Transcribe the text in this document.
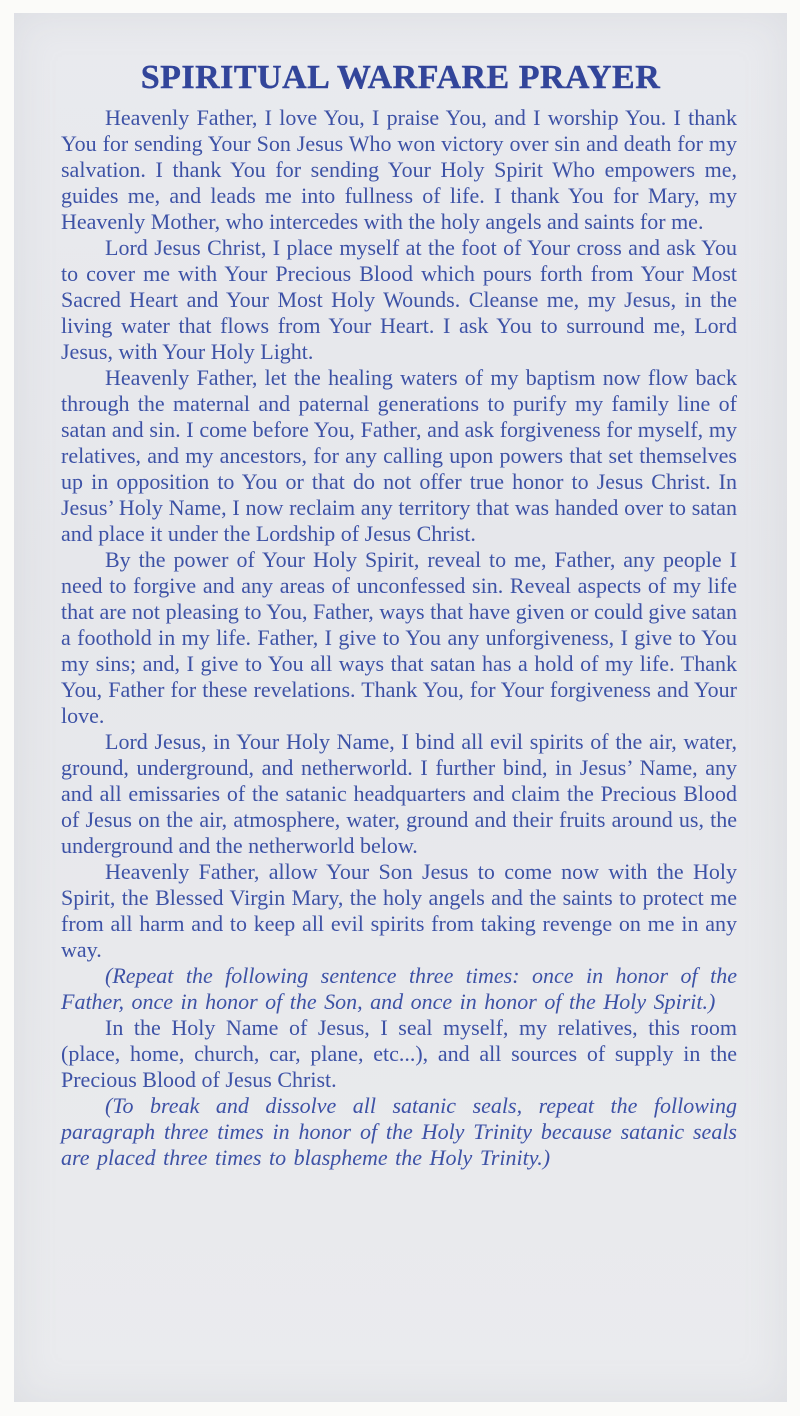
SPIRITUAL WARFARE PRAYER

Heavenly Father, I love You, I praise You, and I worship You. I thank You for sending Your Son Jesus Who won victory over sin and death for my salvation. I thank You for sending Your Holy Spirit Who empowers me, guides me, and leads me into fullness of life. I thank You for Mary, my Heavenly Mother, who intercedes with the holy angels and saints for me.

Lord Jesus Christ, I place myself at the foot of Your cross and ask You to cover me with Your Precious Blood which pours forth from Your Most Sacred Heart and Your Most Holy Wounds. Cleanse me, my Jesus, in the living water that flows from Your Heart. I ask You to surround me, Lord Jesus, with Your Holy Light.

Heavenly Father, let the healing waters of my baptism now flow back through the maternal and paternal generations to purify my family line of satan and sin. I come before You, Father, and ask forgiveness for myself, my relatives, and my ancestors, for any calling upon powers that set themselves up in opposition to You or that do not offer true honor to Jesus Christ. In Jesus’ Holy Name, I now reclaim any territory that was handed over to satan and place it under the Lordship of Jesus Christ.

By the power of Your Holy Spirit, reveal to me, Father, any people I need to forgive and any areas of unconfessed sin. Reveal aspects of my life that are not pleasing to You, Father, ways that have given or could give satan a foothold in my life. Father, I give to You any unforgiveness, I give to You my sins; and, I give to You all ways that satan has a hold of my life. Thank You, Father for these revelations. Thank You, for Your forgiveness and Your love.

Lord Jesus, in Your Holy Name, I bind all evil spirits of the air, water, ground, underground, and netherworld. I further bind, in Jesus’ Name, any and all emissaries of the satanic headquarters and claim the Precious Blood of Jesus on the air, atmosphere, water, ground and their fruits around us, the underground and the netherworld below.

Heavenly Father, allow Your Son Jesus to come now with the Holy Spirit, the Blessed Virgin Mary, the holy angels and the saints to protect me from all harm and to keep all evil spirits from taking revenge on me in any way.

(Repeat the following sentence three times: once in honor of the Father, once in honor of the Son, and once in honor of the Holy Spirit.)

In the Holy Name of Jesus, I seal myself, my relatives, this room (place, home, church, car, plane, etc...), and all sources of supply in the Precious Blood of Jesus Christ.

(To break and dissolve all satanic seals, repeat the following paragraph three times in honor of the Holy Trinity because satanic seals are placed three times to blaspheme the Holy Trinity.)
